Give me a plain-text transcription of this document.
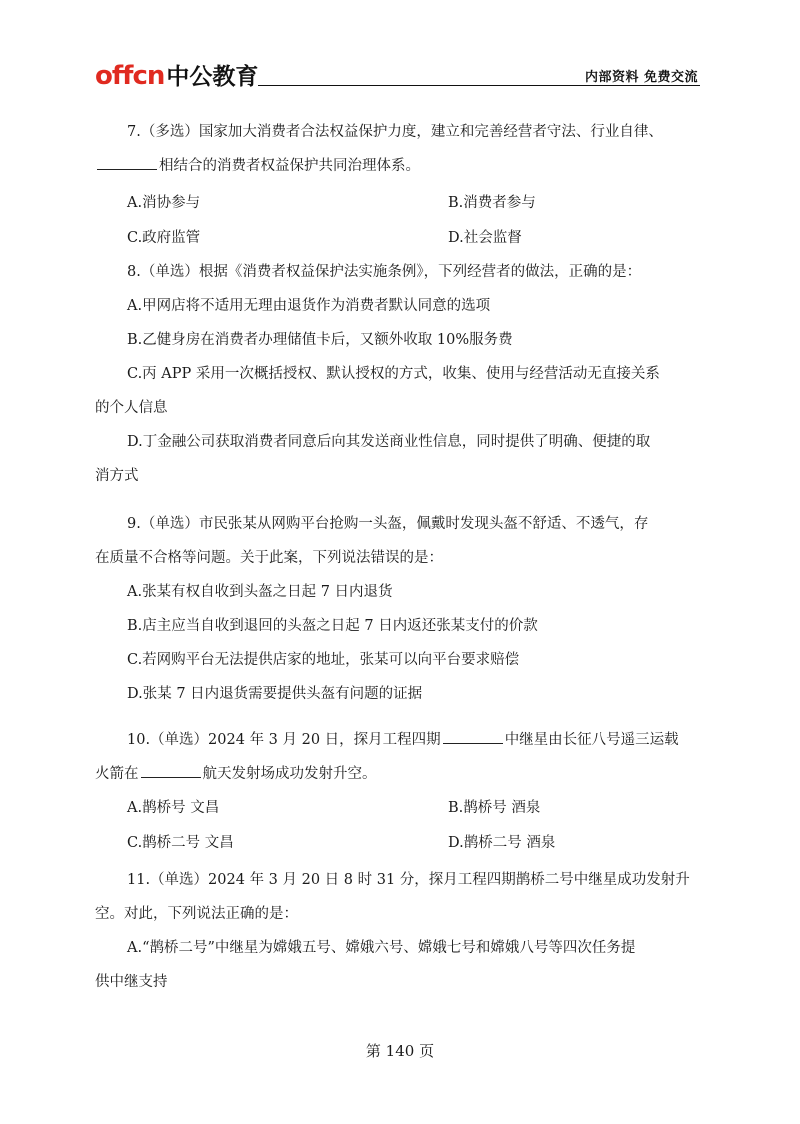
offcn中公教育	内部资料 免费交流
7.（多选）国家加大消费者合法权益保护力度，建立和完善经营者守法、行业自律、
相结合的消费者权益保护共同治理体系。
A.消协参与	B.消费者参与
C.政府监管	D.社会监督
8.（单选）根据《消费者权益保护法实施条例》，下列经营者的做法，正确的是：
A.甲网店将不适用无理由退货作为消费者默认同意的选项
B.乙健身房在消费者办理储值卡后，又额外收取 10%服务费
C.丙 APP 采用一次概括授权、默认授权的方式，收集、使用与经营活动无直接关系
的个人信息
D.丁金融公司获取消费者同意后向其发送商业性信息，同时提供了明确、便捷的取
消方式
9.（单选）市民张某从网购平台抢购一头盔，佩戴时发现头盔不舒适、不透气，存
在质量不合格等问题。关于此案，下列说法错误的是：
A.张某有权自收到头盔之日起 7 日内退货
B.店主应当自收到退回的头盔之日起 7 日内返还张某支付的价款
C.若网购平台无法提供店家的地址，张某可以向平台要求赔偿
D.张某 7 日内退货需要提供头盔有问题的证据
10.（单选）2024 年 3 月 20 日，探月工程四期	中继星由长征八号遥三运载
火箭在	航天发射场成功发射升空。
A.鹊桥号 文昌	B.鹊桥号 酒泉
C.鹊桥二号 文昌	D.鹊桥二号 酒泉
11.（单选）2024 年 3 月 20 日 8 时 31 分，探月工程四期鹊桥二号中继星成功发射升
空。对此，下列说法正确的是：
A.“鹊桥二号”中继星为嫦娥五号、嫦娥六号、嫦娥七号和嫦娥八号等四次任务提
供中继支持
第 140 页
